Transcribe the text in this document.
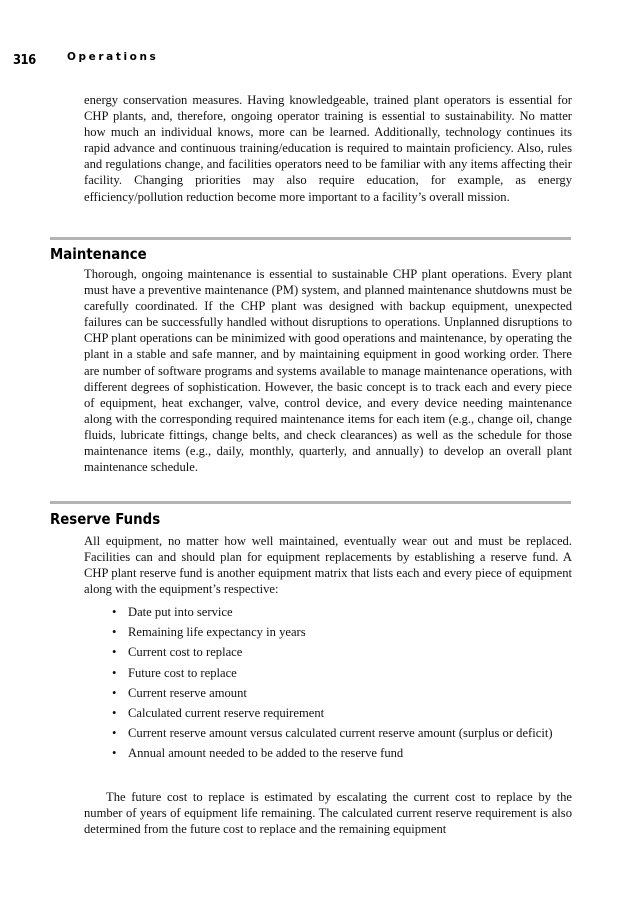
316	Operations

energy conservation measures. Having knowledgeable, trained plant operators is essential for CHP plants, and, therefore, ongoing operator training is essential to sustainability. No matter how much an individual knows, more can be learned. Additionally, technology continues its rapid advance and continuous training/education is required to maintain proficiency. Also, rules and regulations change, and facilities operators need to be familiar with any items affecting their facility. Changing priorities may also require education, for example, as energy efficiency/pollution reduction become more important to a facility’s overall mission.

Maintenance

Thorough, ongoing maintenance is essential to sustainable CHP plant operations. Every plant must have a preventive maintenance (PM) system, and planned maintenance shutdowns must be carefully coordinated. If the CHP plant was designed with backup equipment, unexpected failures can be successfully handled without disruptions to operations. Unplanned disruptions to CHP plant operations can be minimized with good operations and maintenance, by operating the plant in a stable and safe manner, and by maintaining equipment in good working order. There are number of software programs and systems available to manage maintenance operations, with different degrees of sophistication. However, the basic concept is to track each and every piece of equipment, heat exchanger, valve, control device, and every device needing maintenance along with the corresponding required maintenance items for each item (e.g., change oil, change fluids, lubricate fittings, change belts, and check clearances) as well as the schedule for those maintenance items (e.g., daily, monthly, quarterly, and annually) to develop an overall plant maintenance schedule.

Reserve Funds

All equipment, no matter how well maintained, eventually wear out and must be replaced. Facilities can and should plan for equipment replacements by establishing a reserve fund. A CHP plant reserve fund is another equipment matrix that lists each and every piece of equipment along with the equipment’s respective:

• Date put into service
• Remaining life expectancy in years
• Current cost to replace
• Future cost to replace
• Current reserve amount
• Calculated current reserve requirement
• Current reserve amount versus calculated current reserve amount (surplus or deficit)
• Annual amount needed to be added to the reserve fund

The future cost to replace is estimated by escalating the current cost to replace by the number of years of equipment life remaining. The calculated current reserve requirement is also determined from the future cost to replace and the remaining equipment
